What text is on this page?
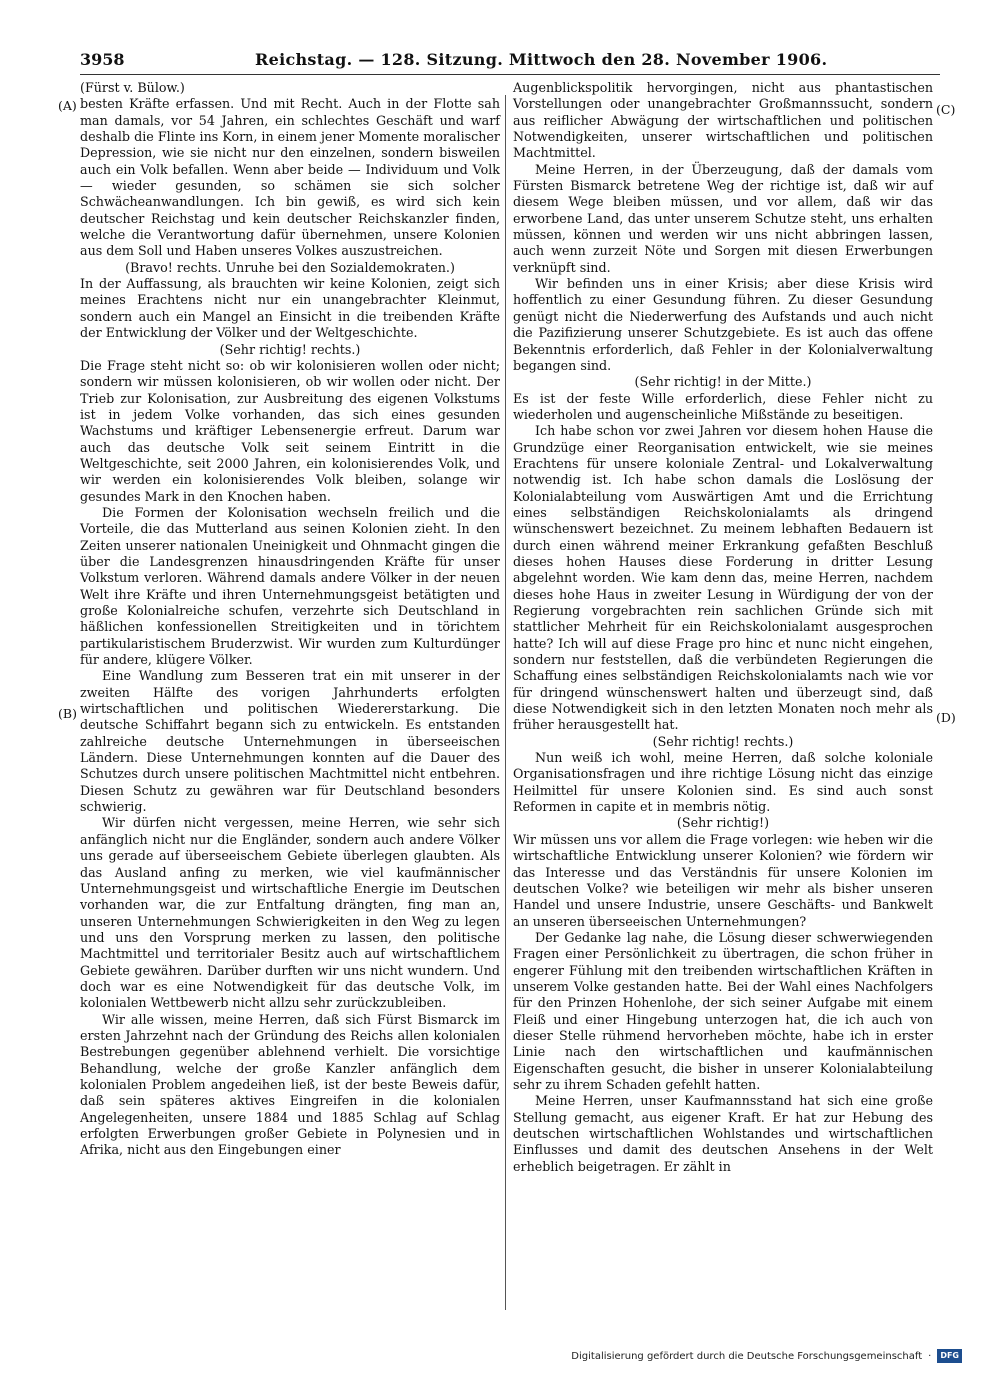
3958	Reichstag. — 128. Sitzung. Mittwoch den 28. November 1906.
(A)
(B)
(C)
(D)

(Fürst v. Bülow.)

besten Kräfte erfassen. Und mit Recht. Auch in der Flotte sah man damals, vor 54 Jahren, ein schlechtes Geschäft und warf deshalb die Flinte ins Korn, in einem jener Momente moralischer Depression, wie sie nicht nur den einzelnen, sondern bisweilen auch ein Volk befallen. Wenn aber beide — Individuum und Volk — wieder gesunden, so schämen sie sich solcher Schwächeanwandlungen. Ich bin gewiß, es wird sich kein deutscher Reichstag und kein deutscher Reichskanzler finden, welche die Verantwortung dafür übernehmen, unsere Kolonien aus dem Soll und Haben unseres Volkes auszustreichen.

(Bravo! rechts. Unruhe bei den Sozialdemokraten.)

In der Auffassung, als brauchten wir keine Kolonien, zeigt sich meines Erachtens nicht nur ein unangebrachter Kleinmut, sondern auch ein Mangel an Einsicht in die treibenden Kräfte der Entwicklung der Völker und der Weltgeschichte.

(Sehr richtig! rechts.)

Die Frage steht nicht so: ob wir kolonisieren wollen oder nicht; sondern wir müssen kolonisieren, ob wir wollen oder nicht. Der Trieb zur Kolonisation, zur Ausbreitung des eigenen Volkstums ist in jedem Volke vorhanden, das sich eines gesunden Wachstums und kräftiger Lebensenergie erfreut. Darum war auch das deutsche Volk seit seinem Eintritt in die Weltgeschichte, seit 2000 Jahren, ein kolonisierendes Volk, und wir werden ein kolonisierendes Volk bleiben, solange wir gesundes Mark in den Knochen haben.

Die Formen der Kolonisation wechseln freilich und die Vorteile, die das Mutterland aus seinen Kolonien zieht. In den Zeiten unserer nationalen Uneinigkeit und Ohnmacht gingen die über die Landesgrenzen hinausdringenden Kräfte für unser Volkstum verloren. Während damals andere Völker in der neuen Welt ihre Kräfte und ihren Unternehmungsgeist betätigten und große Kolonialreiche schufen, verzehrte sich Deutschland in häßlichen konfessionellen Streitigkeiten und in törichtem partikularistischem Bruderzwist. Wir wurden zum Kulturdünger für andere, klügere Völker.

Eine Wandlung zum Besseren trat ein mit unserer in der zweiten Hälfte des vorigen Jahrhunderts erfolgten wirtschaftlichen und politischen Wiedererstarkung. Die deutsche Schiffahrt begann sich zu entwickeln. Es entstanden zahlreiche deutsche Unternehmungen in überseeischen Ländern. Diese Unternehmungen konnten auf die Dauer des Schutzes durch unsere politischen Machtmittel nicht entbehren. Diesen Schutz zu gewähren war für Deutschland besonders schwierig.

Wir dürfen nicht vergessen, meine Herren, wie sehr sich anfänglich nicht nur die Engländer, sondern auch andere Völker uns gerade auf überseeischem Gebiete überlegen glaubten. Als das Ausland anfing zu merken, wie viel kaufmännischer Unternehmungsgeist und wirtschaftliche Energie im Deutschen vorhanden war, die zur Entfaltung drängten, fing man an, unseren Unternehmungen Schwierigkeiten in den Weg zu legen und uns den Vorsprung merken zu lassen, den politische Machtmittel und territorialer Besitz auch auf wirtschaftlichem Gebiete gewähren. Darüber durften wir uns nicht wundern. Und doch war es eine Notwendigkeit für das deutsche Volk, im kolonialen Wettbewerb nicht allzu sehr zurückzubleiben.

Wir alle wissen, meine Herren, daß sich Fürst Bismarck im ersten Jahrzehnt nach der Gründung des Reichs allen kolonialen Bestrebungen gegenüber ablehnend verhielt. Die vorsichtige Behandlung, welche der große Kanzler anfänglich dem kolonialen Problem angedeihen ließ, ist der beste Beweis dafür, daß sein späteres aktives Eingreifen in die kolonialen Angelegenheiten, unsere 1884 und 1885 Schlag auf Schlag erfolgten Erwerbungen großer Gebiete in Polynesien und in Afrika, nicht aus den Eingebungen einer

Augenblickspolitik hervorgingen, nicht aus phantastischen Vorstellungen oder unangebrachter Großmannssucht, sondern aus reiflicher Abwägung der wirtschaftlichen und politischen Notwendigkeiten, unserer wirtschaftlichen und politischen Machtmittel.

Meine Herren, in der Überzeugung, daß der damals vom Fürsten Bismarck betretene Weg der richtige ist, daß wir auf diesem Wege bleiben müssen, und vor allem, daß wir das erworbene Land, das unter unserem Schutze steht, uns erhalten müssen, können und werden wir uns nicht abbringen lassen, auch wenn zurzeit Nöte und Sorgen mit diesen Erwerbungen verknüpft sind.

Wir befinden uns in einer Krisis; aber diese Krisis wird hoffentlich zu einer Gesundung führen. Zu dieser Gesundung genügt nicht die Niederwerfung des Aufstands und auch nicht die Pazifizierung unserer Schutzgebiete. Es ist auch das offene Bekenntnis erforderlich, daß Fehler in der Kolonialverwaltung begangen sind.

(Sehr richtig! in der Mitte.)

Es ist der feste Wille erforderlich, diese Fehler nicht zu wiederholen und augenscheinliche Mißstände zu beseitigen.

Ich habe schon vor zwei Jahren vor diesem hohen Hause die Grundzüge einer Reorganisation entwickelt, wie sie meines Erachtens für unsere koloniale Zentral- und Lokalverwaltung notwendig ist. Ich habe schon damals die Loslösung der Kolonialabteilung vom Auswärtigen Amt und die Errichtung eines selbständigen Reichskolonialamts als dringend wünschenswert bezeichnet. Zu meinem lebhaften Bedauern ist durch einen während meiner Erkrankung gefaßten Beschluß dieses hohen Hauses diese Forderung in dritter Lesung abgelehnt worden. Wie kam denn das, meine Herren, nachdem dieses hohe Haus in zweiter Lesung in Würdigung der von der Regierung vorgebrachten rein sachlichen Gründe sich mit stattlicher Mehrheit für ein Reichskolonialamt ausgesprochen hatte? Ich will auf diese Frage pro hinc et nunc nicht eingehen, sondern nur feststellen, daß die verbündeten Regierungen die Schaffung eines selbständigen Reichskolonialamts nach wie vor für dringend wünschenswert halten und überzeugt sind, daß diese Notwendigkeit sich in den letzten Monaten noch mehr als früher herausgestellt hat.

(Sehr richtig! rechts.)

Nun weiß ich wohl, meine Herren, daß solche koloniale Organisationsfragen und ihre richtige Lösung nicht das einzige Heilmittel für unsere Kolonien sind. Es sind auch sonst Reformen in capite et in membris nötig.

(Sehr richtig!)

Wir müssen uns vor allem die Frage vorlegen: wie heben wir die wirtschaftliche Entwicklung unserer Kolonien? wie fördern wir das Interesse und das Verständnis für unsere Kolonien im deutschen Volke? wie beteiligen wir mehr als bisher unseren Handel und unsere Industrie, unsere Geschäfts- und Bankwelt an unseren überseeischen Unternehmungen?

Der Gedanke lag nahe, die Lösung dieser schwerwiegenden Fragen einer Persönlichkeit zu übertragen, die schon früher in engerer Fühlung mit den treibenden wirtschaftlichen Kräften in unserem Volke gestanden hatte. Bei der Wahl eines Nachfolgers für den Prinzen Hohenlohe, der sich seiner Aufgabe mit einem Fleiß und einer Hingebung unterzogen hat, die ich auch von dieser Stelle rühmend hervorheben möchte, habe ich in erster Linie nach den wirtschaftlichen und kaufmännischen Eigenschaften gesucht, die bisher in unserer Kolonialabteilung sehr zu ihrem Schaden gefehlt hatten.

Meine Herren, unser Kaufmannsstand hat sich eine große Stellung gemacht, aus eigener Kraft. Er hat zur Hebung des deutschen wirtschaftlichen Wohlstandes und wirtschaftlichen Einflusses und damit des deutschen Ansehens in der Welt erheblich beigetragen. Er zählt in

Digitalisierung gefördert durch die Deutsche Forschungsgemeinschaft ·	DFG
